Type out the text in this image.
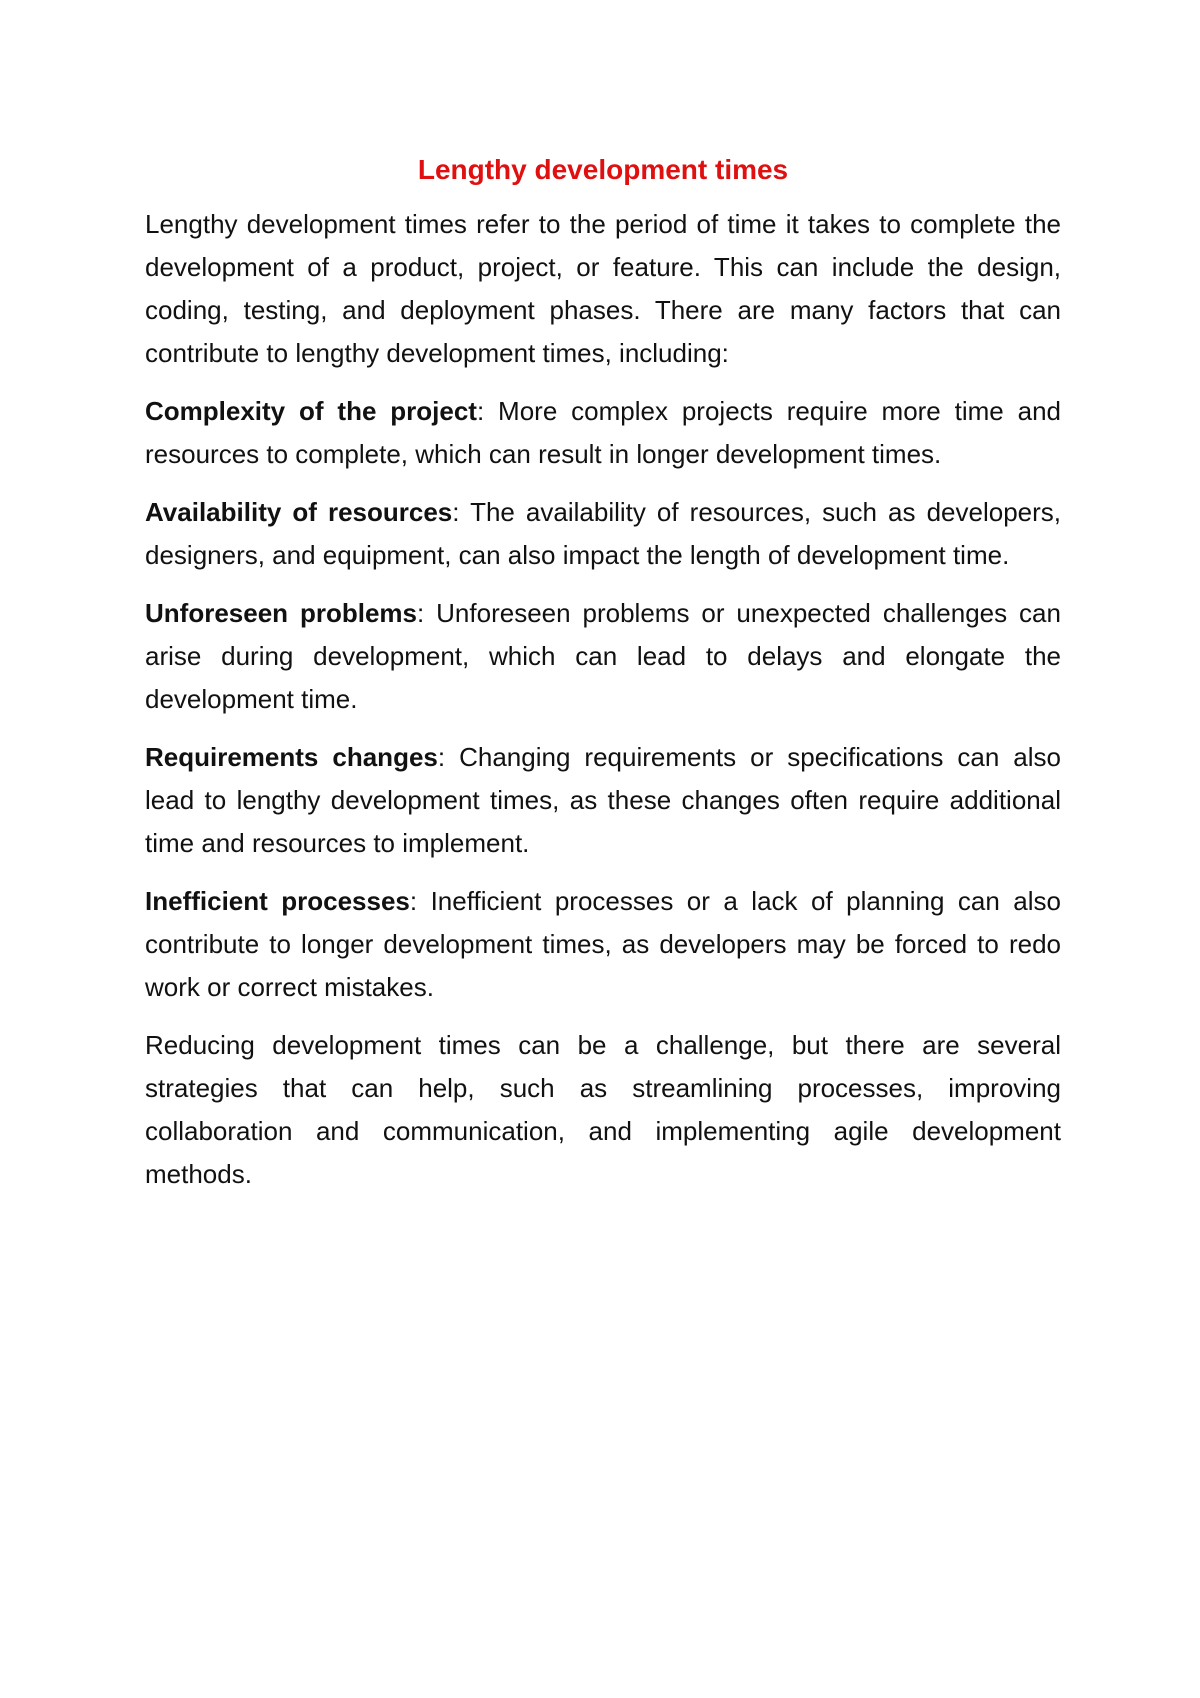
Lengthy development times

Lengthy development times refer to the period of time it takes to complete the development of a product, project, or feature. This can include the design, coding, testing, and deployment phases. There are many factors that can contribute to lengthy development times, including:

Complexity of the project: More complex projects require more time and resources to complete, which can result in longer development times.

Availability of resources: The availability of resources, such as developers, designers, and equipment, can also impact the length of development time.

Unforeseen problems: Unforeseen problems or unexpected challenges can arise during development, which can lead to delays and elongate the development time.

Requirements changes: Changing requirements or specifications can also lead to lengthy development times, as these changes often require additional time and resources to implement.

Inefficient processes: Inefficient processes or a lack of planning can also contribute to longer development times, as developers may be forced to redo work or correct mistakes.

Reducing development times can be a challenge, but there are several strategies that can help, such as streamlining processes, improving collaboration and communication, and implementing agile development methods.
